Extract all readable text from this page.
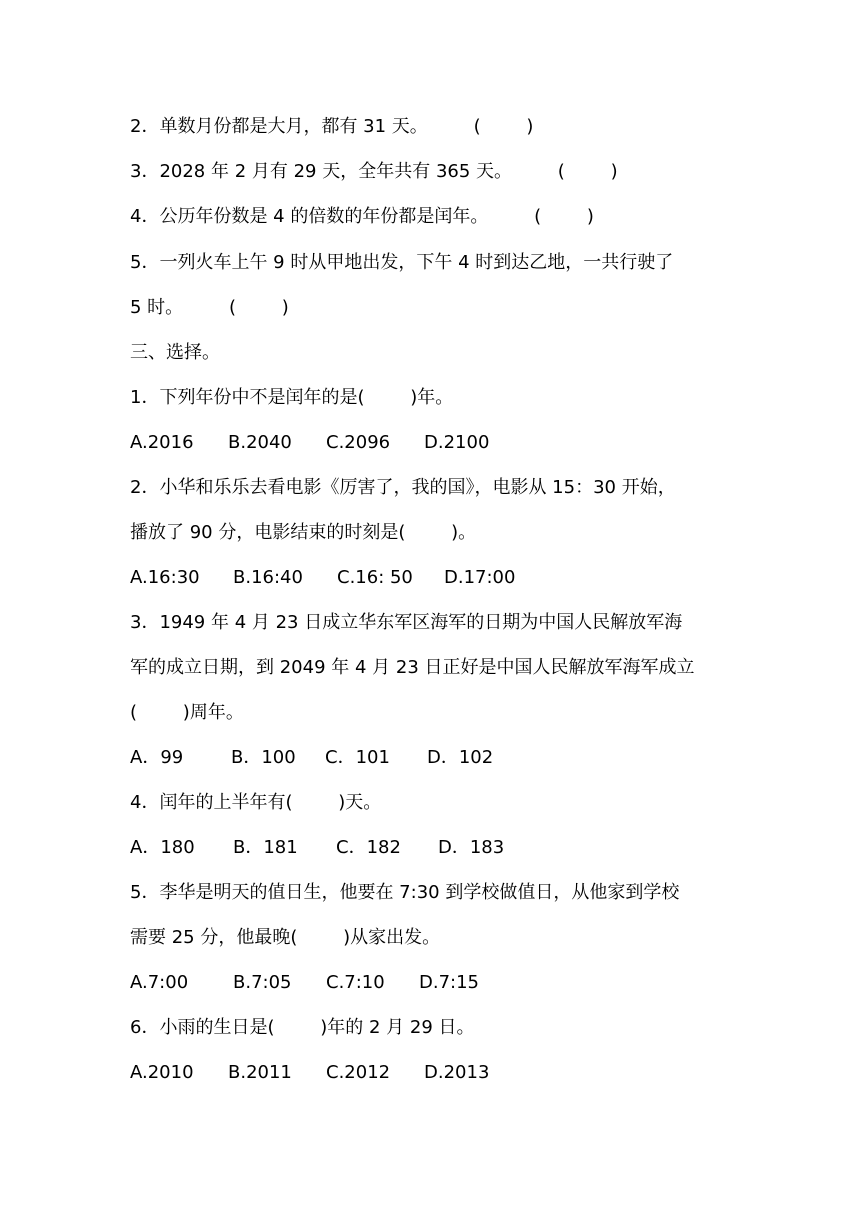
2．单数月份都是大月，都有 31 天。        (        )
3．2028 年 2 月有 29 天，全年共有 365 天。        (        )
4．公历年份数是 4 的倍数的年份都是闰年。        (        )
5．一列火车上午 9 时从甲地出发，下午 4 时到达乙地，一共行驶了
5 时。        (        )
三、选择。
1．下列年份中不是闰年的是(        )年。
A.2016	B.2040	C.2096	D.2100
2．小华和乐乐去看电影《厉害了，我的国》，电影从 15：30 开始，
播放了 90 分，电影结束的时刻是(        )。
A.16:30	B.16:40	C.16: 50	D.17:00
3．1949 年 4 月 23 日成立华东军区海军的日期为中国人民解放军海
军的成立日期，到 2049 年 4 月 23 日正好是中国人民解放军海军成立
(        )周年。
A．99	B．100	C．101	D．102
4．闰年的上半年有(        )天。
A．180	B．181	C．182	D．183
5．李华是明天的值日生，他要在 7:30 到学校做值日，从他家到学校
需要 25 分，他最晚(        )从家出发。
A.7:00	B.7:05	C.7:10	D.7:15
6．小雨的生日是(        )年的 2 月 29 日。
A.2010	B.2011	C.2012	D.2013
